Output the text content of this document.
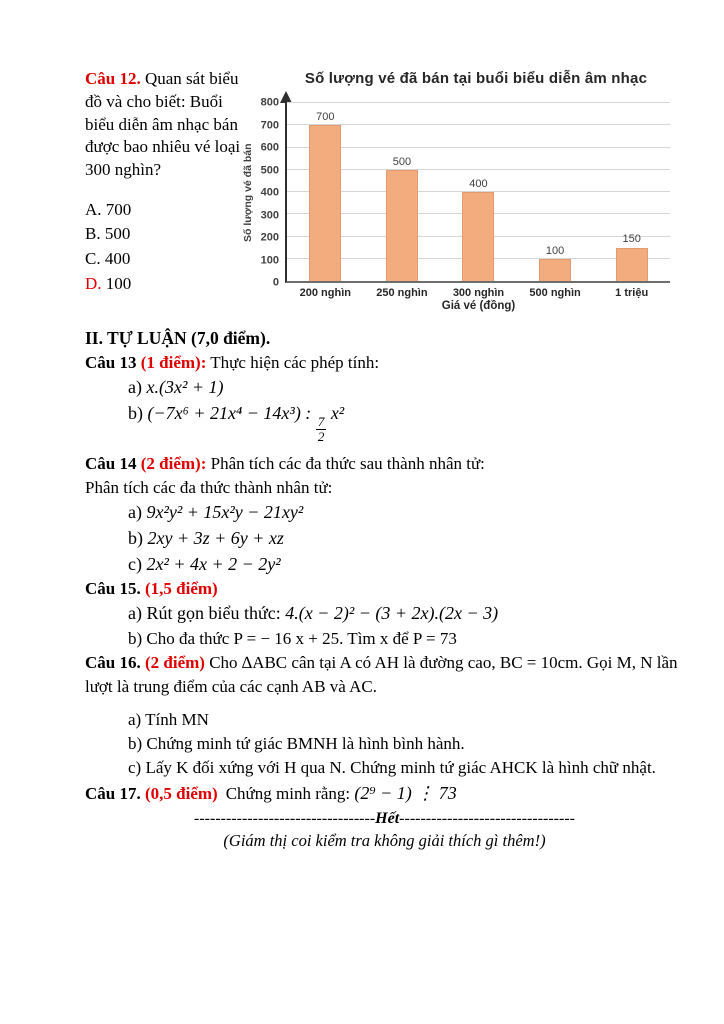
Câu 12. Quan sát biểu đồ và cho biết: Buổi biểu diễn âm nhạc bán được bao nhiêu vé loại 300 nghìn?
A. 700
B. 500
C. 400
D. 100
Số lượng vé đã bán tại buổi biểu diễn âm nhạc
Số lượng vé đã bán
0
100
200
300
400
500
600
700
800
700
500
400
100
150
200 nghìn	250 nghìn	300 nghìn	500 nghìn	1 triệu
Giá vé (đồng)
II. TỰ LUẬN (7,0 điểm).
Câu 13 (1 điểm): Thực hiện các phép tính:
a) x.(3x² + 1)
b) (−7x⁶ + 21x⁴ − 14x³) :
$\frac{7}{2}$
x²
Câu 14 (2 điểm): Phân tích các đa thức sau thành nhân tử:
Phân tích các đa thức thành nhân tử:
a) 9x²y² + 15x²y − 21xy²
b) 2xy + 3z + 6y + xz
c) 2x² + 4x + 2 − 2y²
Câu 15. (1,5 điểm)
a) Rút gọn biểu thức: 4.(x − 2)² − (3 + 2x).(2x − 3)
b) Cho đa thức P = − 16 x + 25. Tìm x để P = 73
Câu 16. (2 điểm) Cho ∆ABC cân tại A có AH là đường cao, BC = 10cm. Gọi M, N lần lượt là trung điểm của các cạnh AB và AC.
a) Tính MN
b) Chứng minh tứ giác BMNH là hình bình hành.
c) Lấy K đối xứng với H qua N. Chứng minh tứ giác AHCK là hình chữ nhật.
Câu 17. (0,5 điểm) Chứng minh rằng: (2⁹ − 1) ⋮ 73
----------------------------------Hết---------------------------------
(Giám thị coi kiểm tra không giải thích gì thêm!)
